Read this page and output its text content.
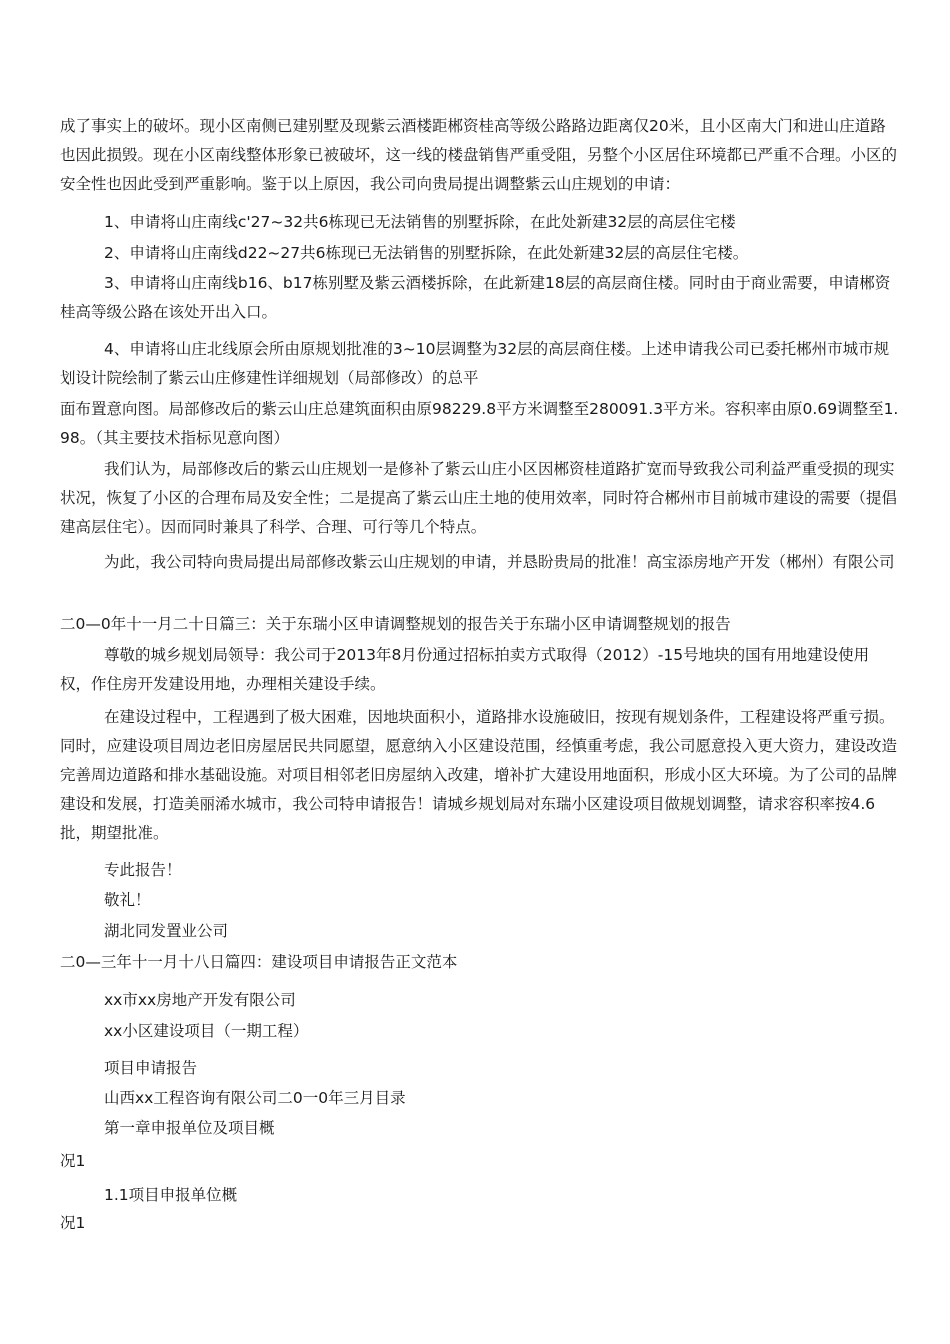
成了事实上的破坏。现小区南侧已建别墅及现紫云酒楼距郴资桂高等级公路路边距离仅20米，且小区南大门和进山庄道路也因此损毁。现在小区南线整体形象已被破坏，这一线的楼盘销售严重受阻，另整个小区居住环境都已严重不合理。小区的安全性也因此受到严重影响。鉴于以上原因，我公司向贵局提出调整紫云山庄规划的申请：

1、申请将山庄南线c'27~32共6栋现已无法销售的别墅拆除，在此处新建32层的高层住宅楼

2、申请将山庄南线d22~27共6栋现已无法销售的别墅拆除，在此处新建32层的高层住宅楼。

3、申请将山庄南线b16、b17栋别墅及紫云酒楼拆除，在此新建18层的高层商住楼。同时由于商业需要，申请郴资桂高等级公路在该处开出入口。

4、申请将山庄北线原会所由原规划批准的3~10层调整为32层的高层商住楼。上述申请我公司已委托郴州市城市规划设计院绘制了紫云山庄修建性详细规划（局部修改）的总平

面布置意向图。局部修改后的紫云山庄总建筑面积由原98229.8平方米调整至280091.3平方米。容积率由原0.69调整至1.98。（其主要技术指标见意向图）

我们认为，局部修改后的紫云山庄规划一是修补了紫云山庄小区因郴资桂道路扩宽而导致我公司利益严重受损的现实状况，恢复了小区的合理布局及安全性；二是提高了紫云山庄土地的使用效率，同时符合郴州市目前城市建设的需要（提倡建高层住宅）。因而同时兼具了科学、合理、可行等几个特点。

为此，我公司特向贵局提出局部修改紫云山庄规划的申请，并恳盼贵局的批准！高宝添房地产开发（郴州）有限公司

二0—0年十一月二十日篇三：关于东瑞小区申请调整规划的报告关于东瑞小区申请调整规划的报告

尊敬的城乡规划局领导：我公司于2013年8月份通过招标拍卖方式取得（2012）-15号地块的国有用地建设使用权，作住房开发建设用地，办理相关建设手续。

在建设过程中，工程遇到了极大困难，因地块面积小，道路排水设施破旧，按现有规划条件，工程建设将严重亏损。同时，应建设项目周边老旧房屋居民共同愿望，愿意纳入小区建设范围，经慎重考虑，我公司愿意投入更大资力，建设改造完善周边道路和排水基础设施。对项目相邻老旧房屋纳入改建，增补扩大建设用地面积，形成小区大环境。为了公司的品牌建设和发展，打造美丽浠水城市，我公司特申请报告！请城乡规划局对东瑞小区建设项目做规划调整，请求容积率按4.6批，期望批准。

专此报告！

敬礼！

湖北同发置业公司

二0—三年十一月十八日篇四：建设项目申请报告正文范本

xx市xx房地产开发有限公司

xx小区建设项目（一期工程）

项目申请报告

山西xx工程咨询有限公司二0一0年三月目录

第一章申报单位及项目概

况1

1.1项目申报单位概

况1
